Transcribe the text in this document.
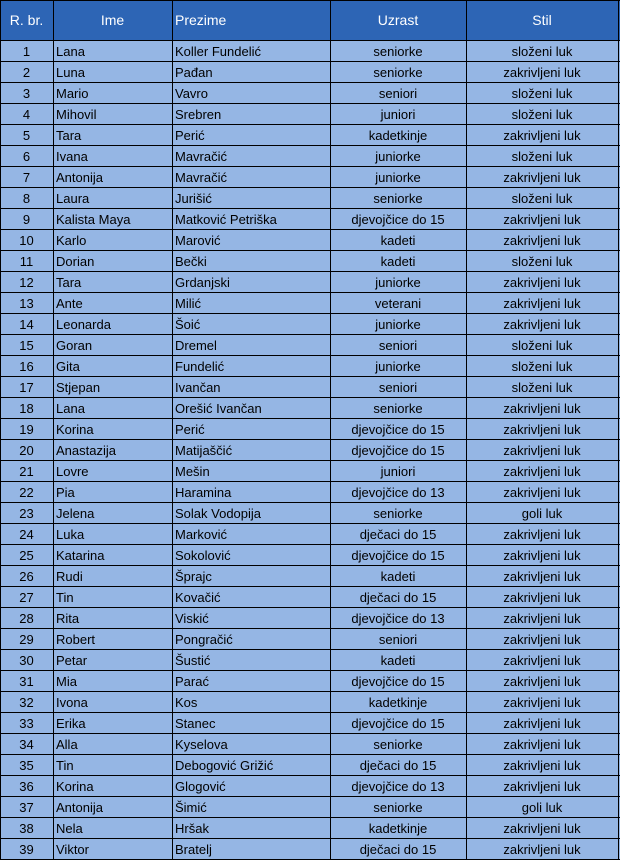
R. br.	Ime	Prezime	Uzrast	Stil
1	Lana	Koller Fundelić	seniorke	složeni luk
2	Luna	Pađan	seniorke	zakrivljeni luk
3	Mario	Vavro	seniori	složeni luk
4	Mihovil	Srebren	juniori	složeni luk
5	Tara	Perić	kadetkinje	zakrivljeni luk
6	Ivana	Mavračić	juniorke	složeni luk
7	Antonija	Mavračić	juniorke	zakrivljeni luk
8	Laura	Jurišić	seniorke	složeni luk
9	Kalista Maya	Matković Petriška	djevojčice do 15	zakrivljeni luk
10	Karlo	Marović	kadeti	zakrivljeni luk
11	Dorian	Bečki	kadeti	složeni luk
12	Tara	Grdanjski	juniorke	zakrivljeni luk
13	Ante	Milić	veterani	zakrivljeni luk
14	Leonarda	Šoić	juniorke	zakrivljeni luk
15	Goran	Dremel	seniori	složeni luk
16	Gita	Fundelić	juniorke	složeni luk
17	Stjepan	Ivančan	seniori	složeni luk
18	Lana	Orešić Ivančan	seniorke	zakrivljeni luk
19	Korina	Perić	djevojčice do 15	zakrivljeni luk
20	Anastazija	Matijaščić	djevojčice do 15	zakrivljeni luk
21	Lovre	Mešin	juniori	zakrivljeni luk
22	Pia	Haramina	djevojčice do 13	zakrivljeni luk
23	Jelena	Solak Vodopija	seniorke	goli luk
24	Luka	Marković	dječaci do 15	zakrivljeni luk
25	Katarina	Sokolović	djevojčice do 15	zakrivljeni luk
26	Rudi	Šprajc	kadeti	zakrivljeni luk
27	Tin	Kovačić	dječaci do 15	zakrivljeni luk
28	Rita	Viskić	djevojčice do 13	zakrivljeni luk
29	Robert	Pongračić	seniori	zakrivljeni luk
30	Petar	Šustić	kadeti	zakrivljeni luk
31	Mia	Parać	djevojčice do 15	zakrivljeni luk
32	Ivona	Kos	kadetkinje	zakrivljeni luk
33	Erika	Stanec	djevojčice do 15	zakrivljeni luk
34	Alla	Kyselova	seniorke	zakrivljeni luk
35	Tin	Debogović Grižić	dječaci do 15	zakrivljeni luk
36	Korina	Glogović	djevojčice do 13	zakrivljeni luk
37	Antonija	Šimić	seniorke	goli luk
38	Nela	Hršak	kadetkinje	zakrivljeni luk
39	Viktor	Bratelj	dječaci do 15	zakrivljeni luk
